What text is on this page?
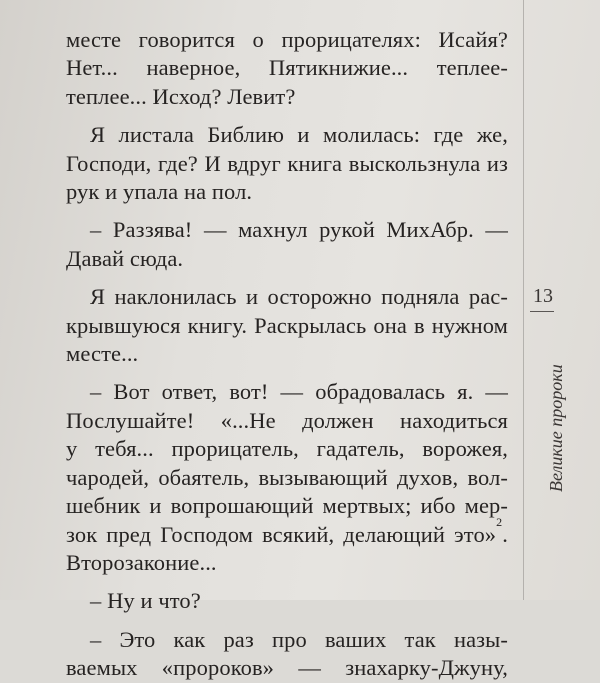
месте говорится о прорицателях: Исайя?
Нет... наверное, Пятикнижие... теплее-
теплее... Исход? Левит?
Я листала Библию и молилась: где же,
Господи, где? И вдруг книга выскользнула из
рук и упала на пол.
– Раззява! — махнул рукой МихАбр. —
Давай сюда.
Я наклонилась и осторожно подняла рас-
крывшуюся книгу. Раскрылась она в нужном
месте...
– Вот ответ, вот! — обрадовалась я. —
Послушайте! «...Не должен находиться
у тебя... прорицатель, гадатель, ворожея,
чародей, обаятель, вызывающий духов, вол-
шебник и вопрошающий мертвых; ибо мер-
зок пред Господом всякий, делающий это»$^2$.
Второзаконие...
– Ну и что?
– Это как раз про ваших так назы-
ваемых «пророков» — знахарку-Джуну,
13
Великие пророки
